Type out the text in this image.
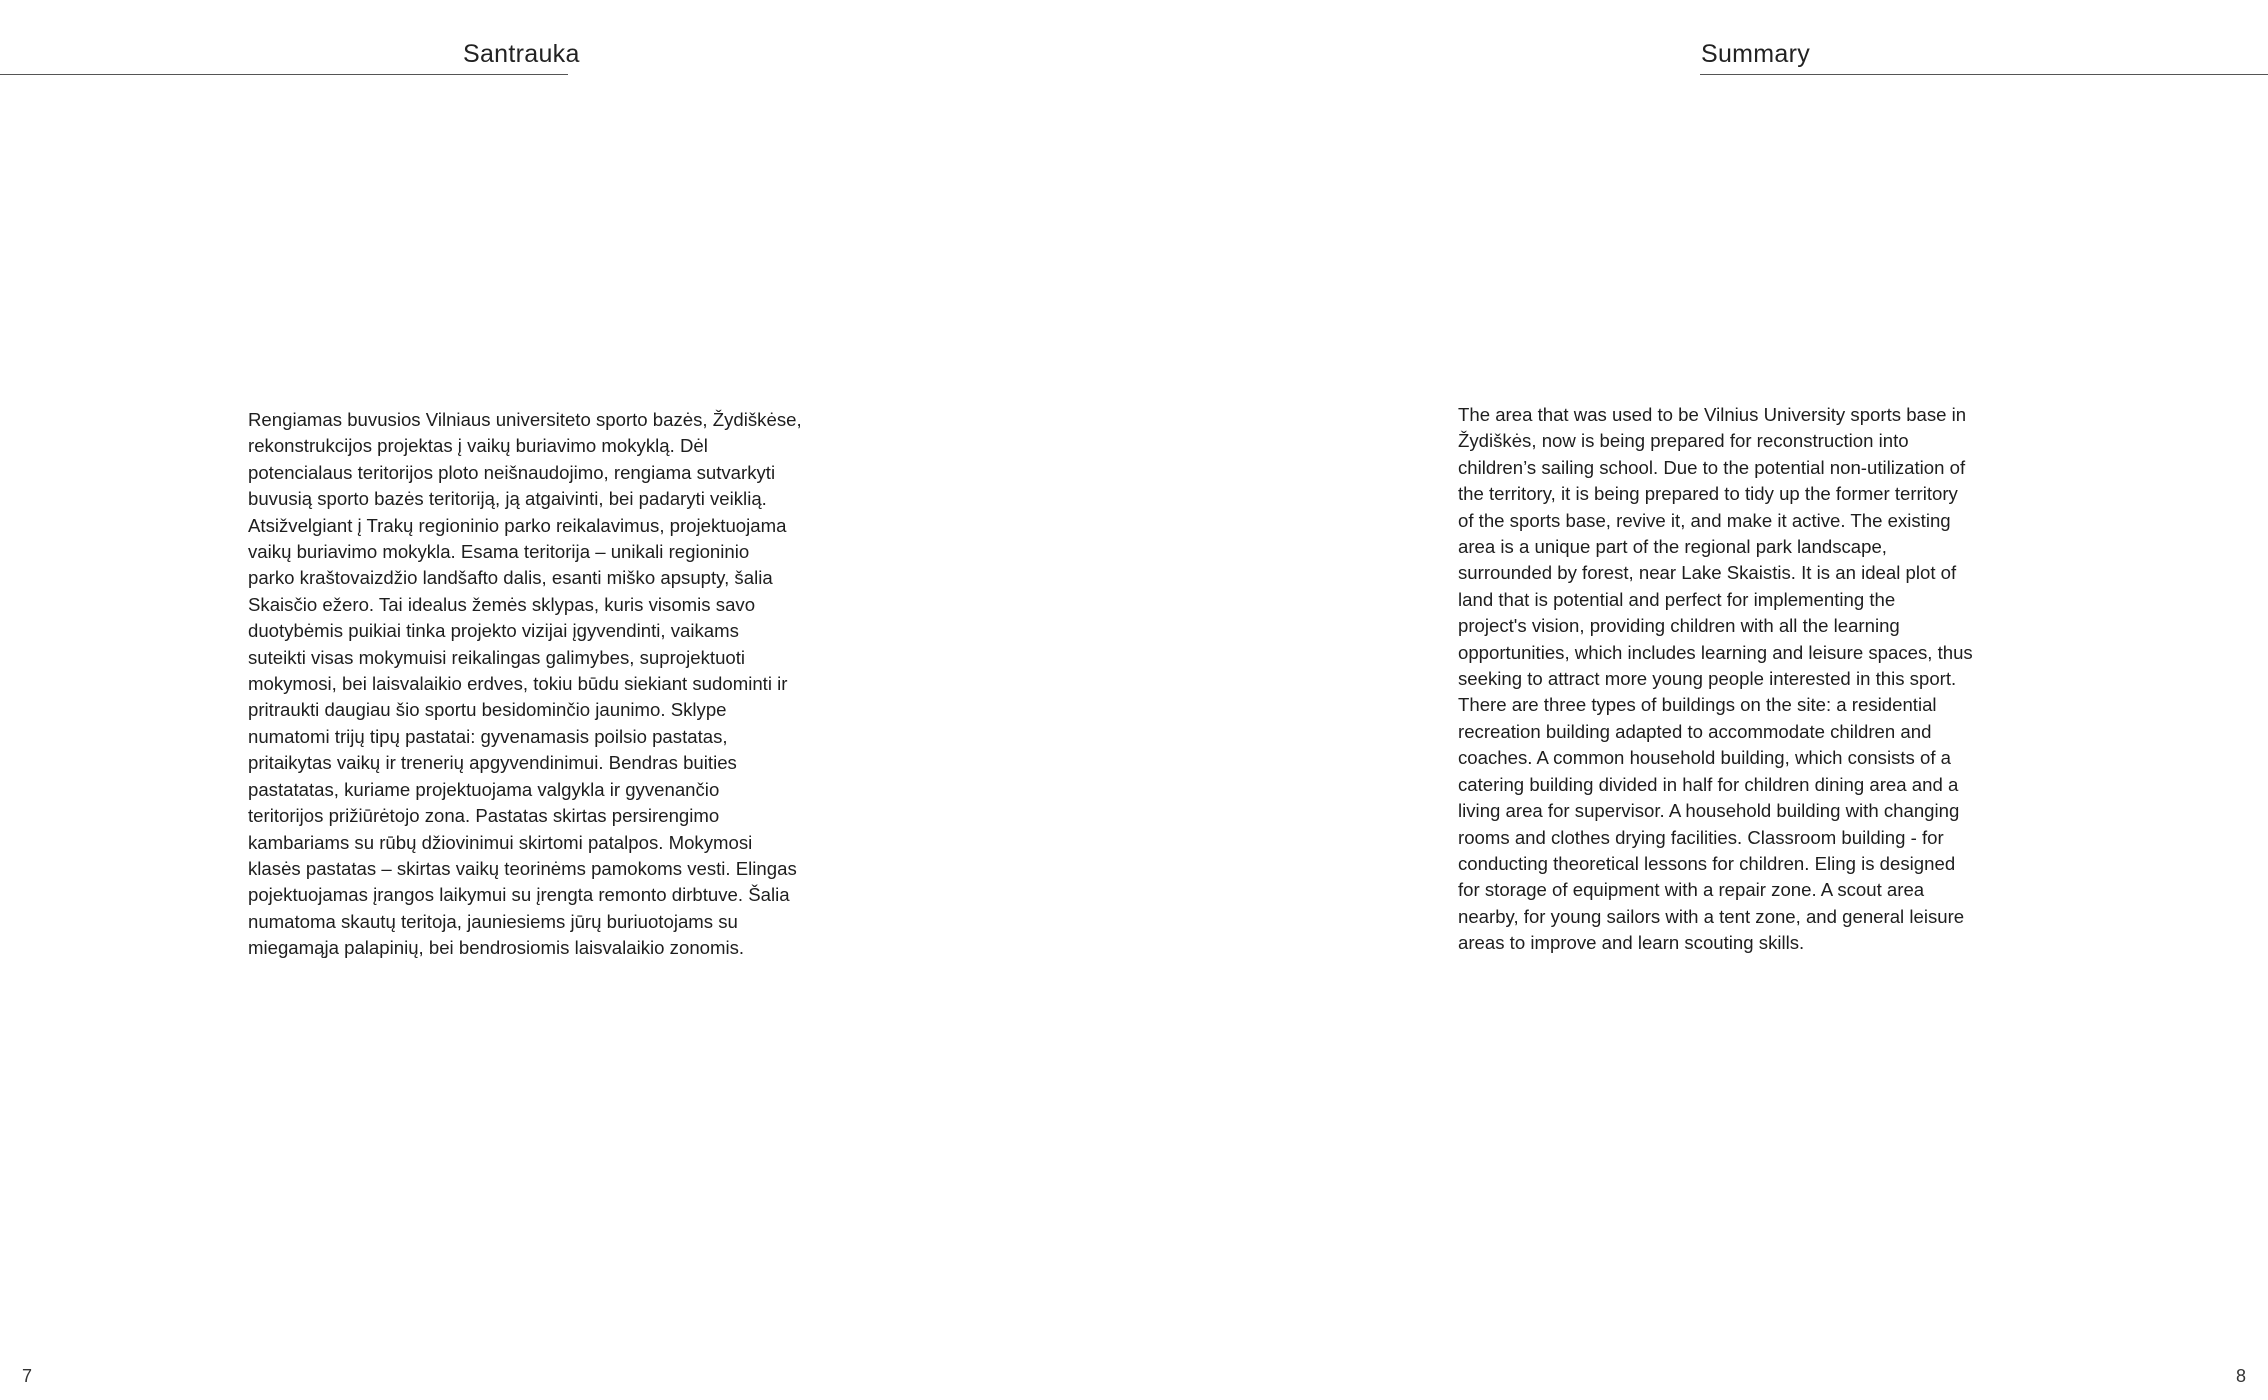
Santrauka

Rengiamas buvusios Vilniaus universiteto sporto bazės, Žydiškėse,
rekonstrukcijos projektas į vaikų buriavimo mokyklą. Dėl
potencialaus teritorijos ploto neišnaudojimo, rengiama sutvarkyti
buvusią sporto bazės teritoriją, ją atgaivinti, bei padaryti veiklią.
Atsižvelgiant į Trakų regioninio parko reikalavimus, projektuojama
vaikų buriavimo mokykla. Esama teritorija – unikali regioninio
parko kraštovaizdžio landšafto dalis, esanti miško apsupty, šalia
Skaisčio ežero. Tai idealus žemės sklypas, kuris visomis savo
duotybėmis puikiai tinka projekto vizijai įgyvendinti, vaikams
suteikti visas mokymuisi reikalingas galimybes, suprojektuoti
mokymosi, bei laisvalaikio erdves, tokiu būdu siekiant sudominti ir
pritraukti daugiau šio sportu besidominčio jaunimo. Sklype
numatomi trijų tipų pastatai: gyvenamasis poilsio pastatas,
pritaikytas vaikų ir trenerių apgyvendinimui. Bendras buities
pastatatas, kuriame projektuojama valgykla ir gyvenančio
teritorijos prižiūrėtojo zona. Pastatas skirtas persirengimo
kambariams su rūbų džiovinimui skirtomi patalpos. Mokymosi
klasės pastatas – skirtas vaikų teorinėms pamokoms vesti. Elingas
pojektuojamas įrangos laikymui su įrengta remonto dirbtuve. Šalia
numatoma skautų teritoja, jauniesiems jūrų buriuotojams su
miegamąja palapinių, bei bendrosiomis laisvalaikio zonomis.

7
Summary

The area that was used to be Vilnius University sports base in
Žydiškės, now is being prepared for reconstruction into
children’s sailing school. Due to the potential non-utilization of
the territory, it is being prepared to tidy up the former territory
of the sports base, revive it, and make it active. The existing
area is a unique part of the regional park landscape,
surrounded by forest, near Lake Skaistis. It is an ideal plot of
land that is potential and perfect for implementing the
project's vision, providing children with all the learning
opportunities, which includes learning and leisure spaces, thus
seeking to attract more young people interested in this sport.
There are three types of buildings on the site: a residential
recreation building adapted to accommodate children and
coaches. A common household building, which consists of a
catering building divided in half for children dining area and a
living area for supervisor. A household building with changing
rooms and clothes drying facilities. Classroom building - for
conducting theoretical lessons for children. Eling is designed
for storage of equipment with a repair zone. A scout area
nearby, for young sailors with a tent zone, and general leisure
areas to improve and learn scouting skills.

8
